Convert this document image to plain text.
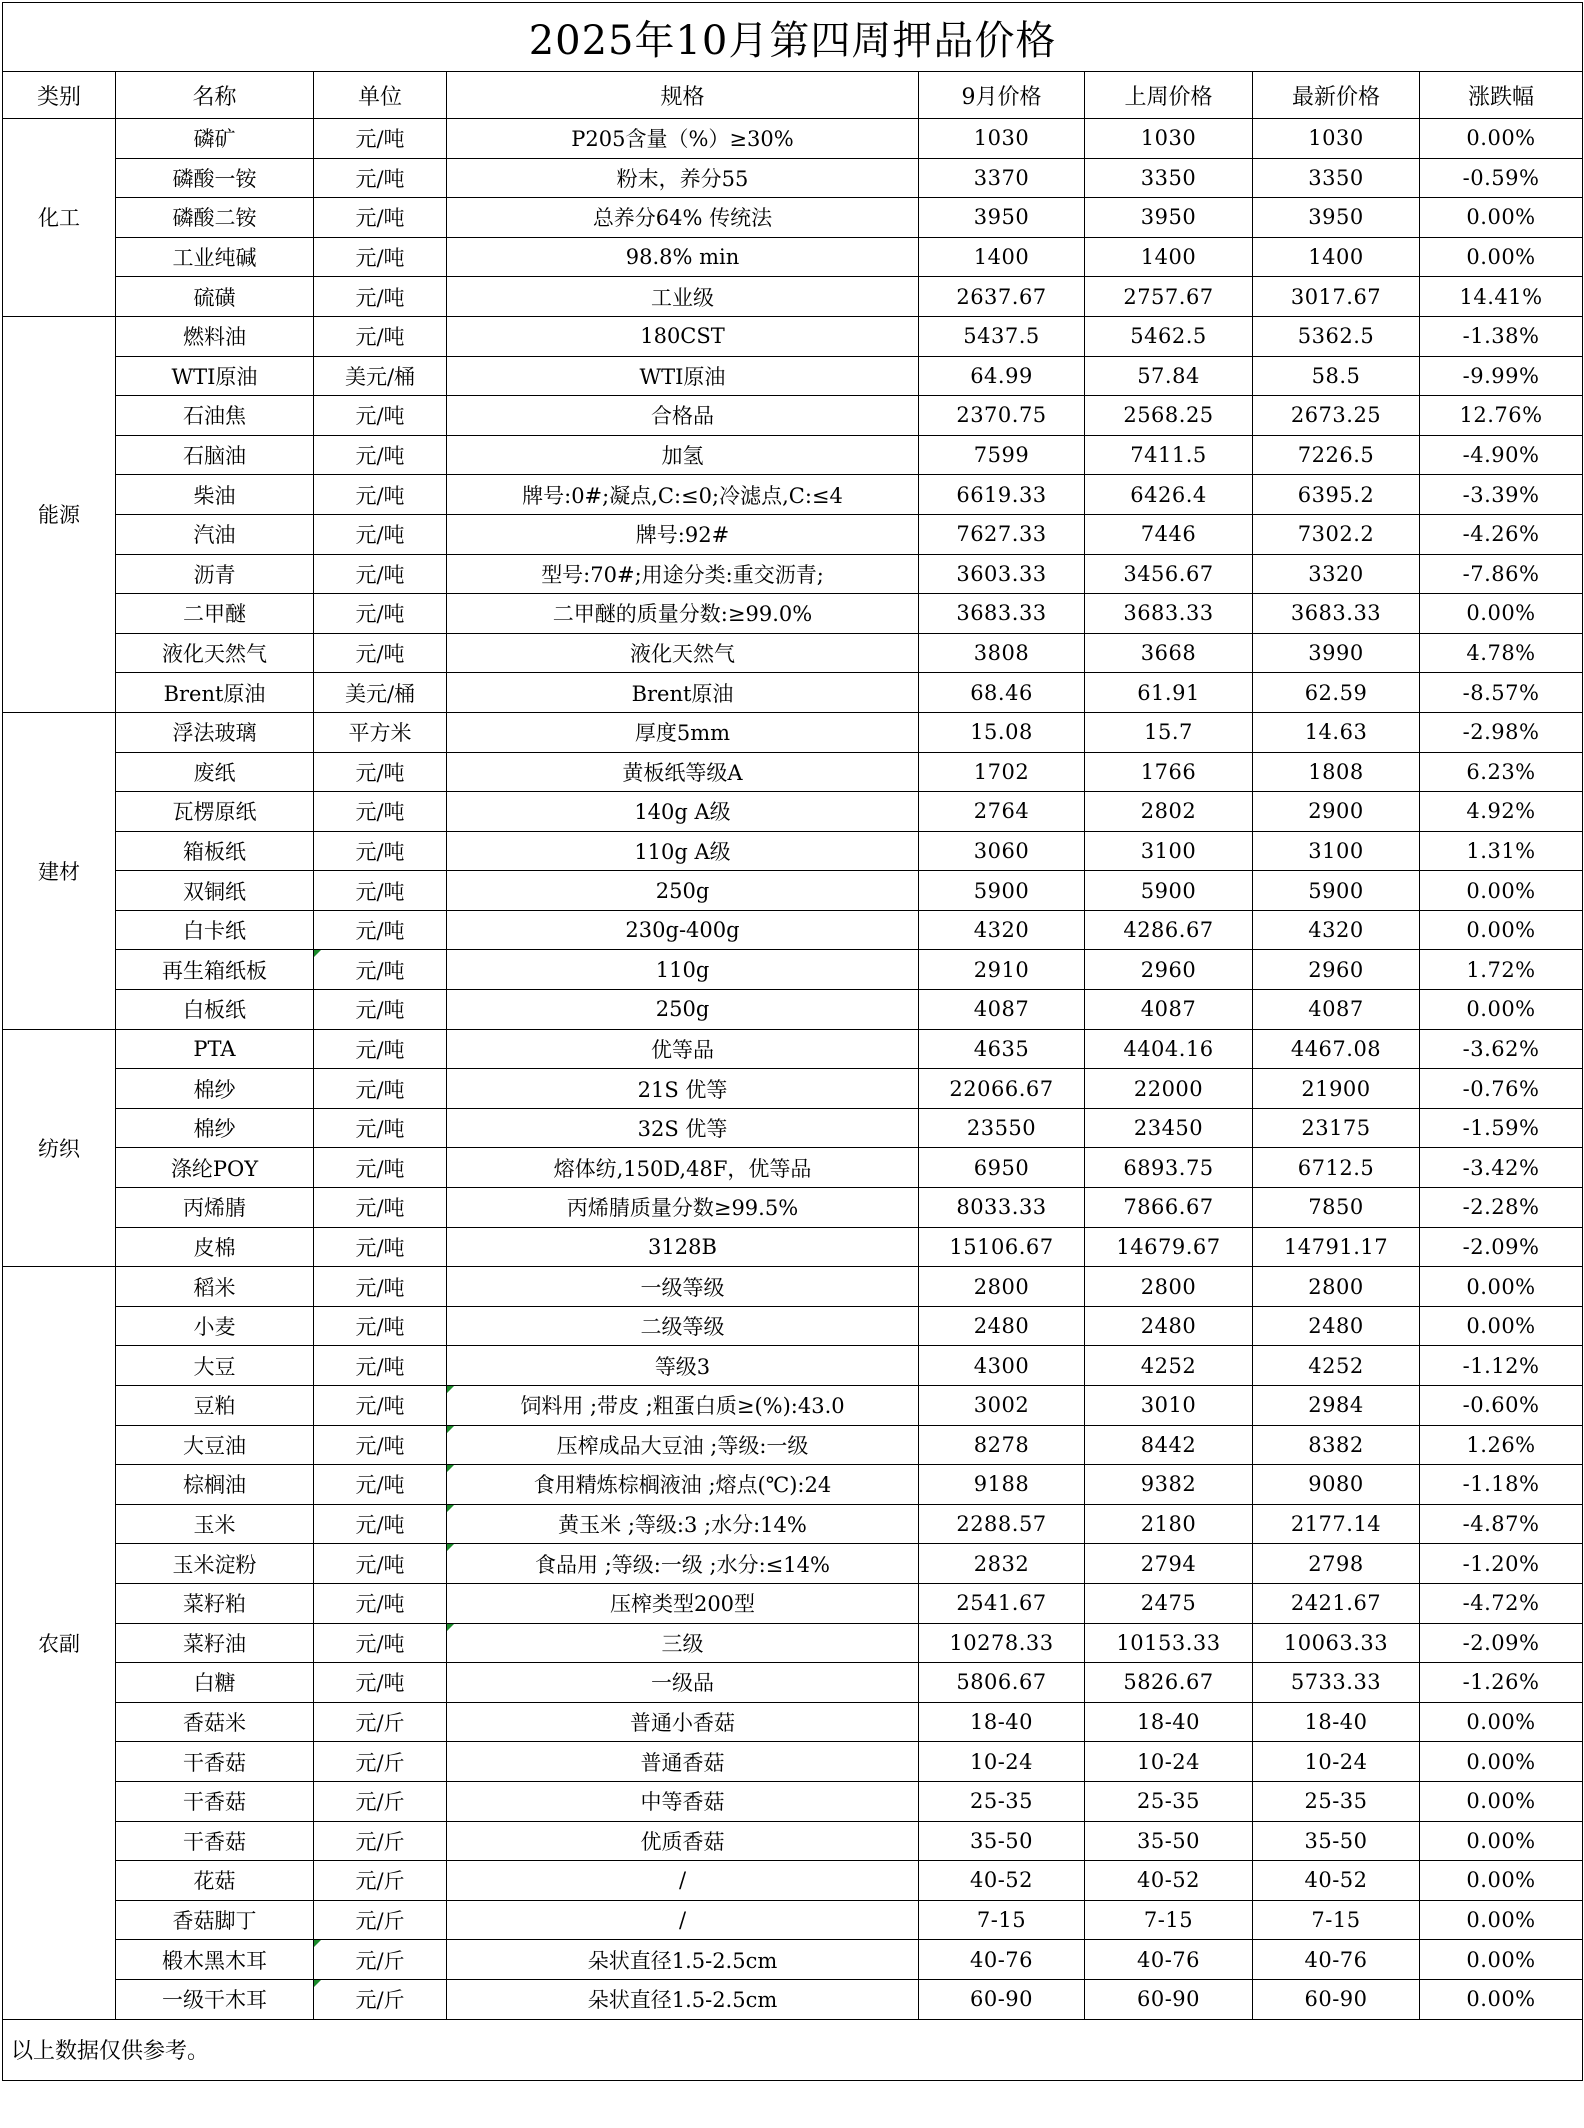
2025年10月第四周押品价格							
类别	名称	单位	规格	9月价格	上周价格	最新价格	涨跌幅
化工	磷矿	元/吨	P205含量（%）≥30%	1030	1030	1030	0.00%
	磷酸一铵	元/吨	粉末，养分55	3370	3350	3350	-0.59%
	磷酸二铵	元/吨	总养分64% 传统法	3950	3950	3950	0.00%
	工业纯碱	元/吨	98.8% min	1400	1400	1400	0.00%
	硫磺	元/吨	工业级	2637.67	2757.67	3017.67	14.41%
能源	燃料油	元/吨	180CST	5437.5	5462.5	5362.5	-1.38%
	WTI原油	美元/桶	WTI原油	64.99	57.84	58.5	-9.99%
	石油焦	元/吨	合格品	2370.75	2568.25	2673.25	12.76%
	石脑油	元/吨	加氢	7599	7411.5	7226.5	-4.90%
	柴油	元/吨	牌号:0#;凝点,C:≤0;冷滤点,C:≤4	6619.33	6426.4	6395.2	-3.39%
	汽油	元/吨	牌号:92#	7627.33	7446	7302.2	-4.26%
	沥青	元/吨	型号:70#;用途分类:重交沥青;	3603.33	3456.67	3320	-7.86%
	二甲醚	元/吨	二甲醚的质量分数:≥99.0%	3683.33	3683.33	3683.33	0.00%
	液化天然气	元/吨	液化天然气	3808	3668	3990	4.78%
	Brent原油	美元/桶	Brent原油	68.46	61.91	62.59	-8.57%
建材	浮法玻璃	平方米	厚度5mm	15.08	15.7	14.63	-2.98%
	废纸	元/吨	黄板纸等级A	1702	1766	1808	6.23%
	瓦楞原纸	元/吨	140g A级	2764	2802	2900	4.92%
	箱板纸	元/吨	110g A级	3060	3100	3100	1.31%
	双铜纸	元/吨	250g	5900	5900	5900	0.00%
	白卡纸	元/吨	230g-400g	4320	4286.67	4320	0.00%
	再生箱纸板	元/吨	110g	2910	2960	2960	1.72%
	白板纸	元/吨	250g	4087	4087	4087	0.00%
纺织	PTA	元/吨	优等品	4635	4404.16	4467.08	-3.62%
	棉纱	元/吨	21S 优等	22066.67	22000	21900	-0.76%
	棉纱	元/吨	32S 优等	23550	23450	23175	-1.59%
	涤纶POY	元/吨	熔体纺,150D,48F，优等品	6950	6893.75	6712.5	-3.42%
	丙烯腈	元/吨	丙烯腈质量分数≥99.5%	8033.33	7866.67	7850	-2.28%
	皮棉	元/吨	3128B	15106.67	14679.67	14791.17	-2.09%
农副	稻米	元/吨	一级等级	2800	2800	2800	0.00%
	小麦	元/吨	二级等级	2480	2480	2480	0.00%
	大豆	元/吨	等级3	4300	4252	4252	-1.12%
	豆粕	元/吨	饲料用 ;带皮 ;粗蛋白质≥(%):43.0	3002	3010	2984	-0.60%
	大豆油	元/吨	压榨成品大豆油 ;等级:一级	8278	8442	8382	1.26%
	棕榈油	元/吨	食用精炼棕榈液油 ;熔点(℃):24	9188	9382	9080	-1.18%
	玉米	元/吨	黄玉米 ;等级:3 ;水分:14%	2288.57	2180	2177.14	-4.87%
	玉米淀粉	元/吨	食品用 ;等级:一级 ;水分:≤14%	2832	2794	2798	-1.20%
	菜籽粕	元/吨	压榨类型200型	2541.67	2475	2421.67	-4.72%
	菜籽油	元/吨	三级	10278.33	10153.33	10063.33	-2.09%
	白糖	元/吨	一级品	5806.67	5826.67	5733.33	-1.26%
	香菇米	元/斤	普通小香菇	18-40	18-40	18-40	0.00%
	干香菇	元/斤	普通香菇	10-24	10-24	10-24	0.00%
	干香菇	元/斤	中等香菇	25-35	25-35	25-35	0.00%
	干香菇	元/斤	优质香菇	35-50	35-50	35-50	0.00%
	花菇	元/斤	/	40-52	40-52	40-52	0.00%
	香菇脚丁	元/斤	/	7-15	7-15	7-15	0.00%
	椴木黑木耳	元/斤	朵状直径1.5-2.5cm	40-76	40-76	40-76	0.00%
	一级干木耳	元/斤	朵状直径1.5-2.5cm	60-90	60-90	60-90	0.00%
以上数据仅供参考。							
